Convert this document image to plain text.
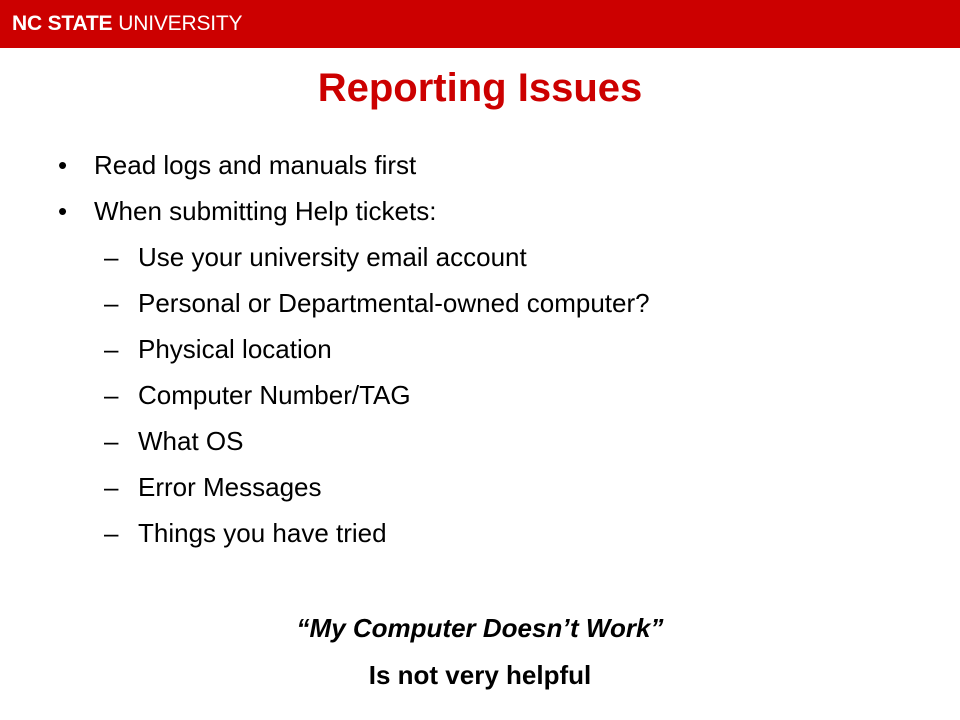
NC STATE UNIVERSITY
Reporting Issues
• Read logs and manuals first
• When submitting Help tickets:
– Use your university email account
– Personal or Departmental-owned computer?
– Physical location
– Computer Number/TAG
– What OS
– Error Messages
– Things you have tried
“My Computer Doesn’t Work”
Is not very helpful
